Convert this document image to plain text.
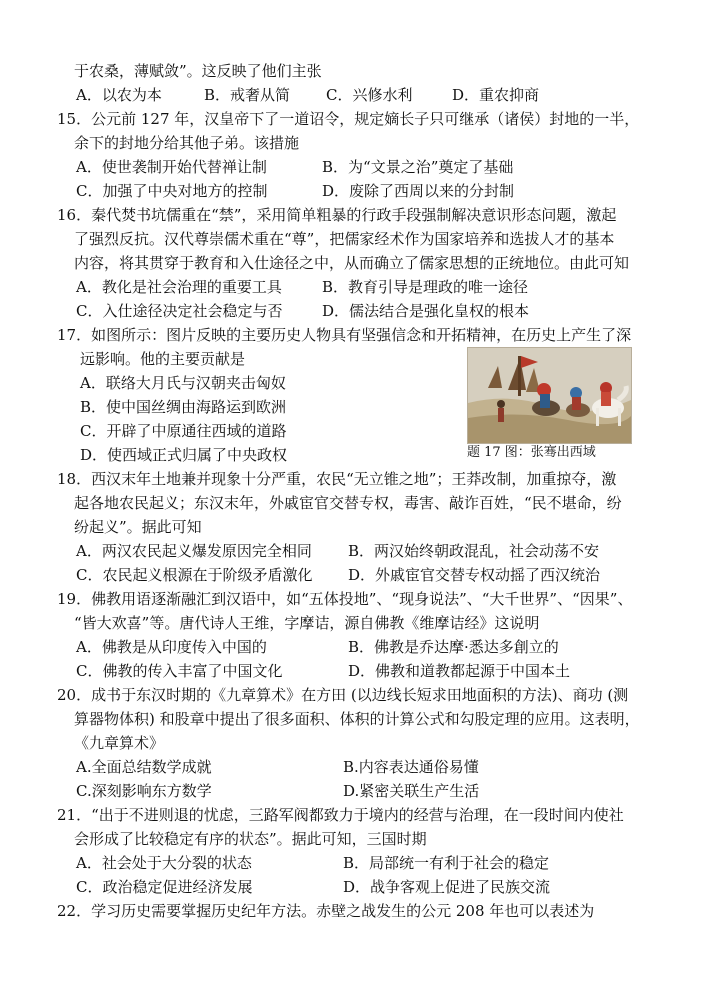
于农桑，薄赋敛”。这反映了他们主张
A．以农为本	B．戒奢从简 C．兴修水利	D．重农抑商
15．公元前 127 年，汉皇帝下了一道诏令，规定嫡长子只可继承（诸侯）封地的一半，
余下的封地分给其他子弟。该措施
A．使世袭制开始代替禅让制	B．为“文景之治”奠定了基础
C．加强了中央对地方的控制	D．废除了西周以来的分封制
16．秦代焚书坑儒重在“禁”，采用简单粗暴的行政手段强制解决意识形态问题，激起
了强烈反抗。汉代尊崇儒术重在“尊”，把儒家经术作为国家培养和选拔人才的基本
内容，将其贯穿于教育和入仕途径之中，从而确立了儒家思想的正统地位。由此可知
A．教化是社会治理的重要工具	B．教育引导是理政的唯一途径
C．入仕途径决定社会稳定与否	D．儒法结合是强化皇权的根本
17．如图所示：图片反映的主要历史人物具有坚强信念和开拓精神，在历史上产生了深
远影响。他的主要贡献是
A．联络大月氏与汉朝夹击匈奴
B．使中国丝绸由海路运到欧洲
C．开辟了中原通往西域的道路
D．使西域正式归属了中央政权	题 17 图：张骞出西域
18．西汉末年土地兼并现象十分严重，农民“无立锥之地”；王莽改制，加重掠夺，激
起各地农民起义；东汉末年，外戚宦官交替专权，毒害、敲诈百姓，“民不堪命，纷
纷起义”。据此可知
A．两汉农民起义爆发原因完全相同 B．两汉始终朝政混乱，社会动荡不安
C．农民起义根源在于阶级矛盾激化 D．外戚宦官交替专权动摇了西汉统治
19．佛教用语逐渐融汇到汉语中，如“五体投地”、“现身说法”、“大千世界”、“因果”、
“皆大欢喜”等。唐代诗人王维，字摩诘，源自佛教《维摩诘经》这说明
A．佛教是从印度传入中国的	B．佛教是乔达摩·悉达多創立的
C．佛教的传入丰富了中国文化	D．佛教和道教都起源于中国本土
20．成书于东汉时期的《九章算术》在方田 (以边线长短求田地面积的方法)、商功 (测
算器物体积) 和股章中提出了很多面积、体积的计算公式和勾股定理的应用。这表明，
《九章算术》
A.全面总结数学成就	B.内容表达通俗易懂
C.深刻影响东方数学	D.紧密关联生产生活
21．“出于不进则退的忧虑，三路军阀都致力于境内的经营与治理，在一段时间内使社
会形成了比较稳定有序的状态”。据此可知，三国时期
A．社会处于大分裂的状态	B．局部统一有利于社会的稳定
C．政治稳定促进经济发展	D．战争客观上促进了民族交流
22．学习历史需要掌握历史纪年方法。赤壁之战发生的公元 208 年也可以表述为
